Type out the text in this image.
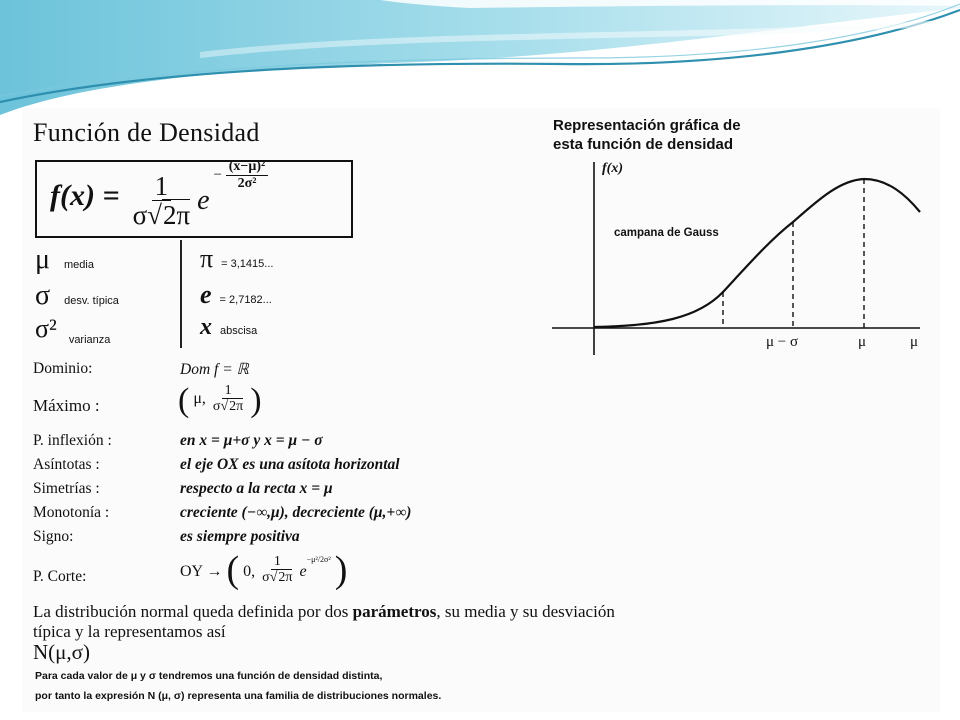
Función de Densidad
$f(x) = \frac{1}{\sigma√2\pi}$ $e - \frac{\text{(x−μ)²}}{\text{2σ²}}$
μ media
σ desv. típica
σ² $_{varianza}$
π = 3,1415...
e = 2,7182...
x abscisa
Dominio:	Dom f = ℝ
Máximo : ( μ, $\frac{1}{\sigma√2\pi}$ )
P. inflexión :	en x = μ+σ y x = μ − σ
Asíntotas :	el eje OX es una asítota horizontal
Simetrías :	respecto a la recta x = μ
Monotonía :	creciente (−∞,μ), decreciente (μ,+∞)
Signo:	es siempre positiva
P. Corte:	OY → ( 0, $\frac{1}{\sigma√2\pi} e^{-\mu^2/2\sigma^2}$ )
La distribución normal queda definida por dos parámetros, su media y su desviación
típica y la representamos así
N(μ,σ)
Para cada valor de μ y σ tendremos una función de densidad distinta,
por tanto la expresión N (μ, σ) representa una familia de distribuciones normales.
Representación gráfica de
esta función de densidad
f(x)
campana de Gauss
μ − σ	μ	μ
